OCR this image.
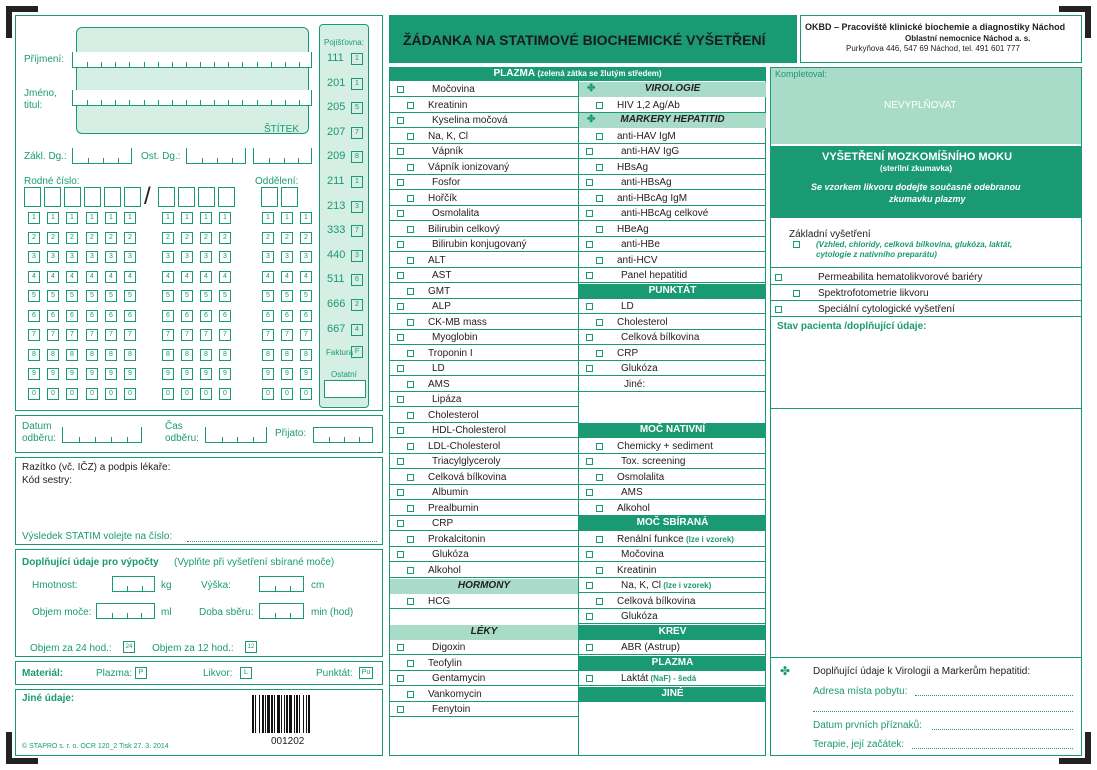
Příjmení:
Jméno,
titul:
ŠTÍTEK
Zákl. Dg.:	Ost. Dg.:
Rodné číslo:	Oddělení:
/
1	1	1	1	1	1	1	1	1	1	1	1	1
2	2	2	2	2	2	2	2	2	2	2	2	2
3	3	3	3	3	3	3	3	3	3	3	3	3
4	4	4	4	4	4	4	4	4	4	4	4	4
5	5	5	5	5	5	5	5	5	5	5	5	5
6	6	6	6	6	6	6	6	6	6	6	6	6
7	7	7	7	7	7	7	7	7	7	7	7	7
8	8	8	8	8	8	8	8	8	8	8	8	8
9	9	9	9	9	9	9	9	9	9	9	9	9
0	0	0	0	0	0	0	0	0	0	0	0	0
Pojišťovna:
111	1
201	1
205	5
207	7
209	8
211	1
213	3
333	7
440	3
511	6
666	2
667	4
Faktura F
Ostatní
Datum
odběru:
Čas
odběru:	Přijato:
Razítko (vč. IČZ) a podpis lékaře:
Kód sestry:
Výsledek STATIM volejte na číslo:
Doplňující údaje pro výpočty (Vyplňte při vyšetření sbírané moče)
Hmotnost:	kg	Výška:	cm
Objem moče:	ml	Doba sběru:	min (hod)
Objem za 24 hod.:	24 Objem za 12 hod.:	12
Materiál:	Plazma: P	Likvor:	L	Punktát:	Pu
Jiné údaje:
001202
© STAPRO s. r. o. OCR 120_2 Tisk 27. 3. 2014
ŽÁDANKA NA STATIMOVÉ BIOCHEMICKÉ VYŠETŘENÍ
OKBD – Pracoviště klinické biochemie a diagnostiky Náchod
Oblastní nemocnice Náchod a. s.
Purkyňova 446, 547 69 Náchod, tel. 491 601 777
PLAZMA (zelená zátka se žlutým středem)
Močovina
Kreatinin
Kyselina močová
Na, K, Cl
Vápník
Vápník ionizovaný
Fosfor
Hořčík
Osmolalita
Bilirubin celkový
Bilirubin konjugovaný
ALT
AST
GMT
ALP
CK-MB mass
Myoglobin
Troponin I
LD
AMS
Lipáza
Cholesterol
HDL-Cholesterol
LDL-Cholesterol
Triacylglyceroly
Celková bílkovina
Albumin
Prealbumin
CRP
Prokalcitonin
Glukóza
Alkohol
HORMONY
HCG
LÉKY
Digoxin
Teofylin
Gentamycin
Vankomycin
Fenytoin
✤	VIROLOGIE
HIV 1,2 Ag/Ab
✤ MARKERY HEPATITID
anti-HAV IgM
anti-HAV IgG
HBsAg
anti-HBsAg
anti-HBcAg IgM
anti-HBcAg celkové
HBeAg
anti-HBe
anti-HCV
Panel hepatitid
PUNKTÁT
LD
Cholesterol
Celková bílkovina
CRP
Glukóza
Jiné:
MOČ NATIVNÍ
Chemicky + sediment
Tox. screening
Osmolalita
AMS
Alkohol
MOČ SBÍRANÁ
Renální funkce (lze i vzorek)
Močovina
Kreatinin
Na, K, Cl (lze i vzorek)
Celková bílkovina
Glukóza
KREV
ABR (Astrup)
PLAZMA
Laktát (NaF) - šedá
JINÉ
Kompletoval:
NEVYPLŇOVAT
VYŠETŘENÍ MOZKOMÍŠNÍHO MOKU
(sterilní zkumavka)
Se vzorkem likvoru dodejte současně odebranou
zkumavku plazmy
Základní vyšetření
(Vzhled, chloridy, celková bílkovina, glukóza, laktát,
cytologie z nativního preparátu)
Permeabilita hematolikvorové bariéry
Spektrofotometrie likvoru
Speciální cytologické vyšetření
Stav pacienta /doplňující údaje:
✤ Doplňující údaje k Virologii a Markerům hepatitid:
Adresa místa pobytu:
Datum prvních příznaků:
Terapie, její začátek:
